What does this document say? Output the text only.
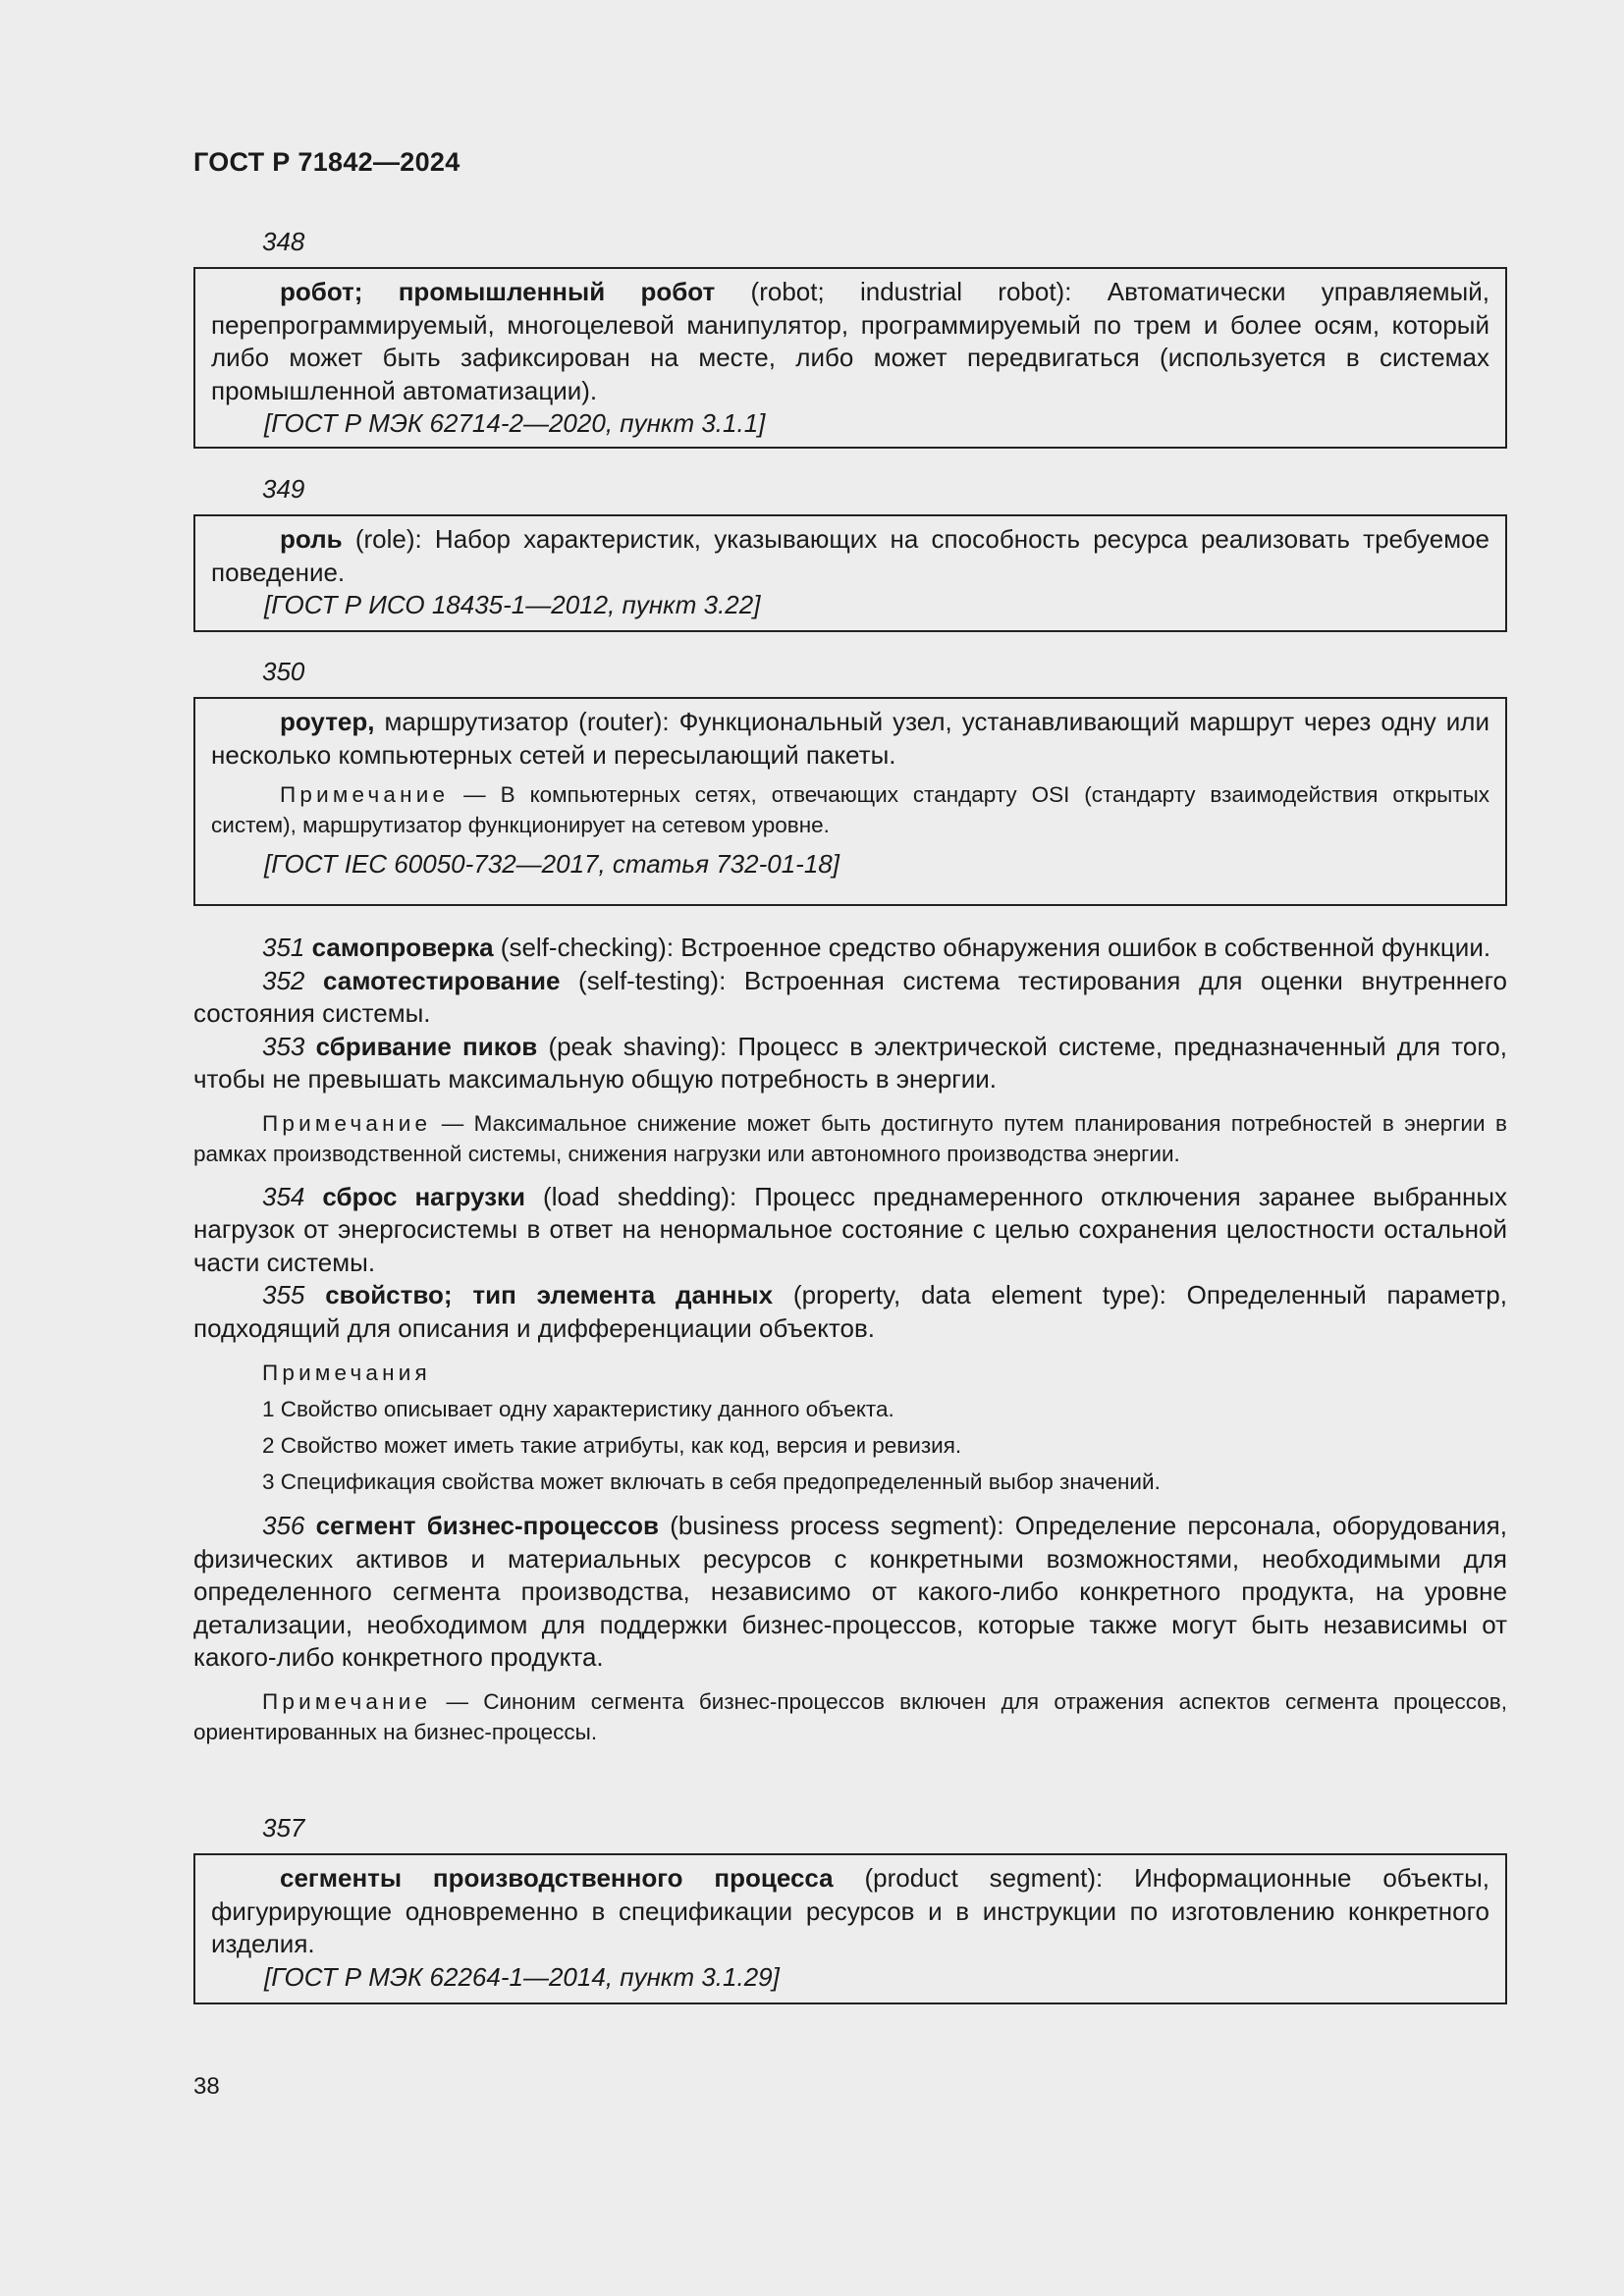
ГОСТ Р 71842—2024
348

робот; промышленный робот (robot; industrial robot): Автоматически управляемый, перепрограммируемый, многоцелевой манипулятор, программируемый по трем и более осям, который либо может быть зафиксирован на месте, либо может передвигаться (используется в системах промышленной автоматизации).

[ГОСТ Р МЭК 62714-2—2020, пункт 3.1.1]
349

роль (role): Набор характеристик, указывающих на способность ресурса реализовать требуемое поведение.

[ГОСТ Р ИСО 18435-1—2012, пункт 3.22]
350

роутер, маршрутизатор (router): Функциональный узел, устанавливающий маршрут через одну или несколько компьютерных сетей и пересылающий пакеты.

Примечание — В компьютерных сетях, отвечающих стандарту OSI (стандарту взаимодействия открытых систем), маршрутизатор функционирует на сетевом уровне.

[ГОСТ IEC 60050-732—2017, статья 732-01-18]

351 самопроверка (self-checking): Встроенное средство обнаружения ошибок в собственной функции.

352 самотестирование (self-testing): Встроенная система тестирования для оценки внутреннего состояния системы.

353 сбривание пиков (peak shaving): Процесс в электрической системе, предназначенный для того, чтобы не превышать максимальную общую потребность в энергии.

Примечание — Максимальное снижение может быть достигнуто путем планирования потребностей в энергии в рамках производственной системы, снижения нагрузки или автономного производства энергии.

354 сброс нагрузки (load shedding): Процесс преднамеренного отключения заранее выбранных нагрузок от энергосистемы в ответ на ненормальное состояние с целью сохранения целостности остальной части системы.

355 свойство; тип элемента данных (property, data element type): Определенный параметр, подходящий для описания и дифференциации объектов.

Примечания
1 Свойство описывает одну характеристику данного объекта.
2 Свойство может иметь такие атрибуты, как код, версия и ревизия.
3 Спецификация свойства может включать в себя предопределенный выбор значений.

356 сегмент бизнес-процессов (business process segment): Определение персонала, оборудования, физических активов и материальных ресурсов с конкретными возможностями, необходимыми для определенного сегмента производства, независимо от какого-либо конкретного продукта, на уровне детализации, необходимом для поддержки бизнес-процессов, которые также могут быть независимы от какого-либо конкретного продукта.

Примечание — Синоним сегмента бизнес-процессов включен для отражения аспектов сегмента процессов, ориентированных на бизнес-процессы.

357

сегменты производственного процесса (product segment): Информационные объекты, фигурирующие одновременно в спецификации ресурсов и в инструкции по изготовлению конкретного изделия.

[ГОСТ Р МЭК 62264-1—2014, пункт 3.1.29]
38
